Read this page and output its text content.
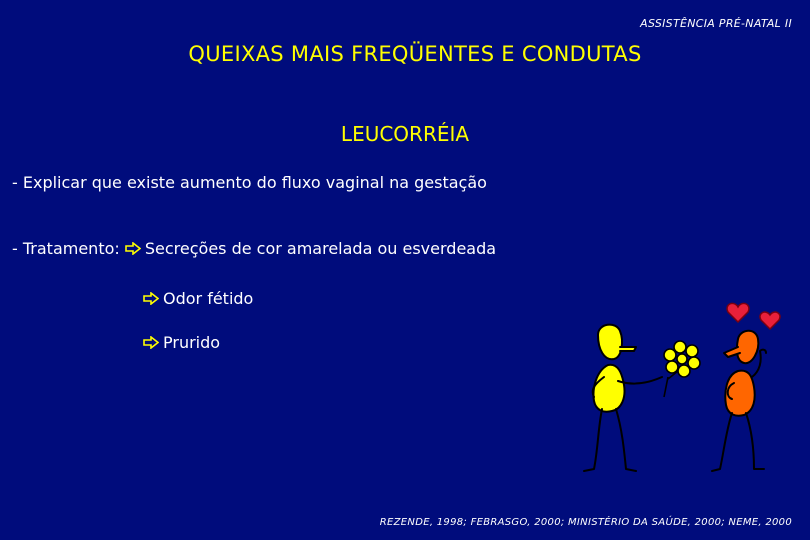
ASSISTÊNCIA PRÉ-NATAL II
QUEIXAS MAIS FREQÜENTES E CONDUTAS
LEUCORRÉIA
- Explicar que existe aumento do fluxo vaginal na gestação
- Tratamento: Secreções de cor amarelada ou esverdeada
Odor fétido
Prurido
REZENDE, 1998; FEBRASGO, 2000; MINISTÉRIO DA SAÚDE, 2000; NEME, 2000
